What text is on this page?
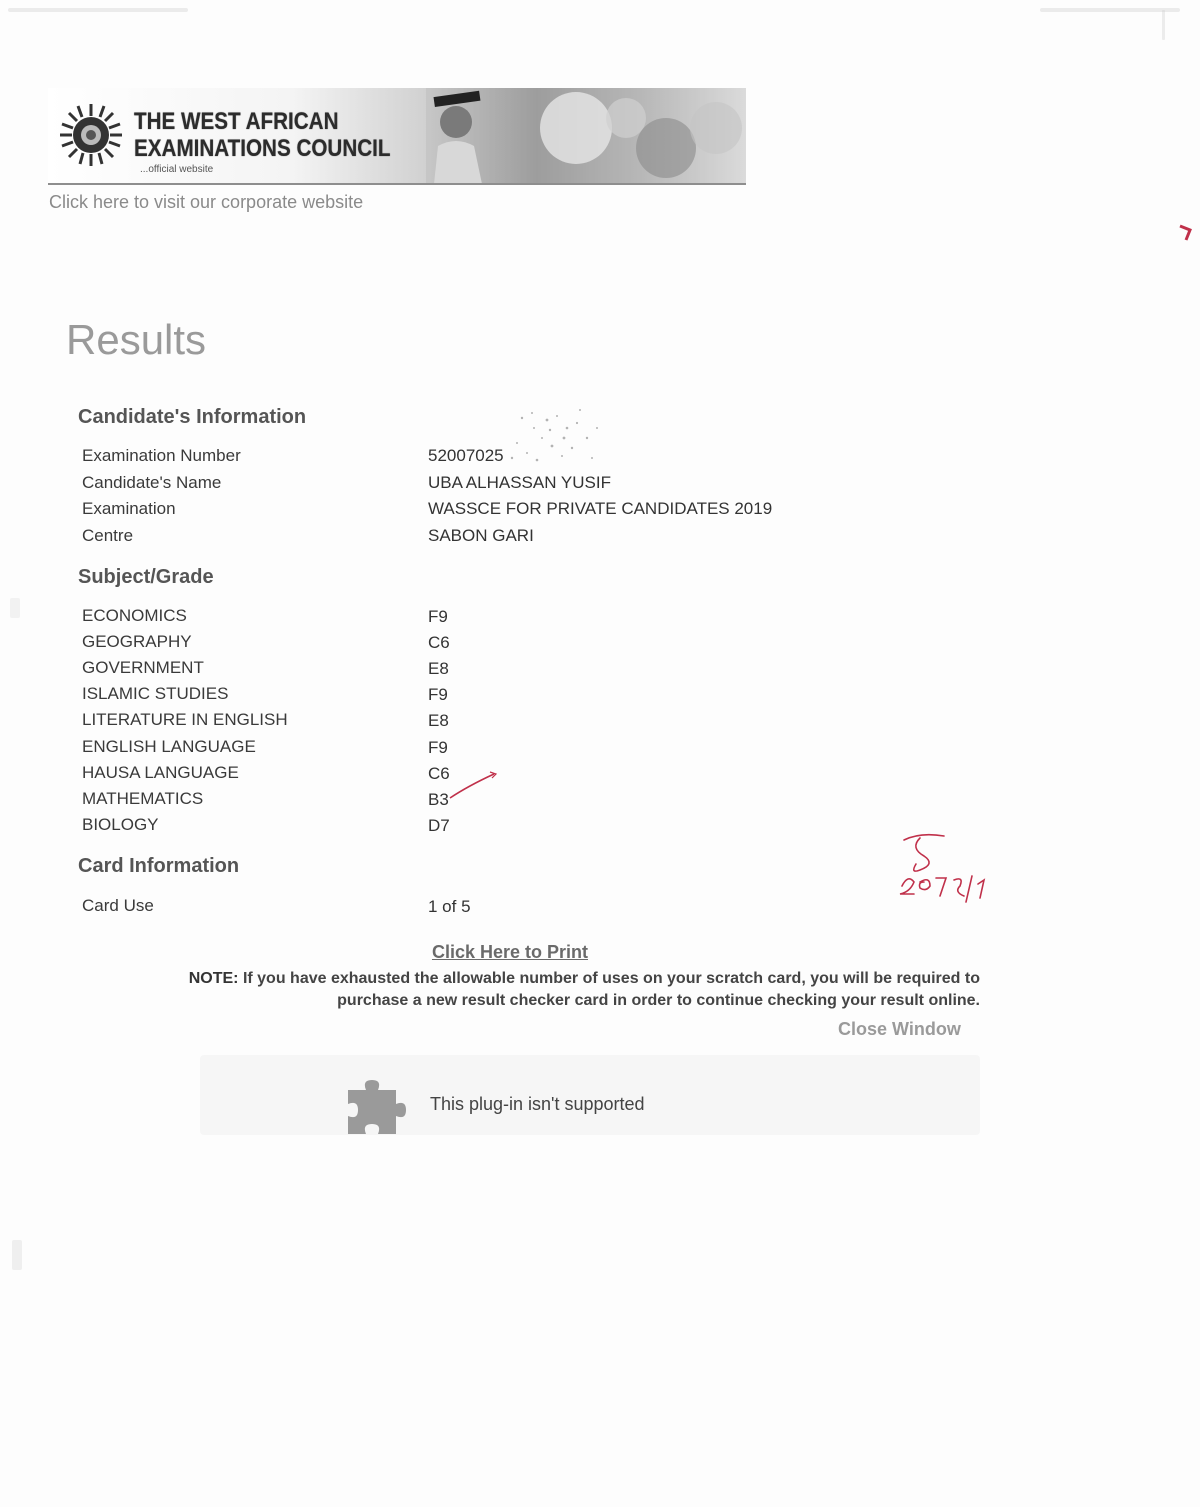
THE WEST AFRICAN
EXAMINATIONS COUNCIL
...official website
Click here to visit our corporate website
Results
Candidate's Information
Examination Number	52007025
Candidate's Name	UBA ALHASSAN YUSIF
Examination	WASSCE FOR PRIVATE CANDIDATES 2019
Centre	SABON GARI
Subject/Grade
ECONOMICS	F9
GEOGRAPHY	C6
GOVERNMENT	E8
ISLAMIC STUDIES	F9
LITERATURE IN ENGLISH	E8
ENGLISH LANGUAGE	F9
HAUSA LANGUAGE	C6
MATHEMATICS	B3
BIOLOGY	D7
Card Information
Card Use	1 of 5
Click Here to Print
NOTE: If you have exhausted the allowable number of uses on your scratch card, you will be required to
purchase a new result checker card in order to continue checking your result online.
Close Window
This plug-in isn't supported
